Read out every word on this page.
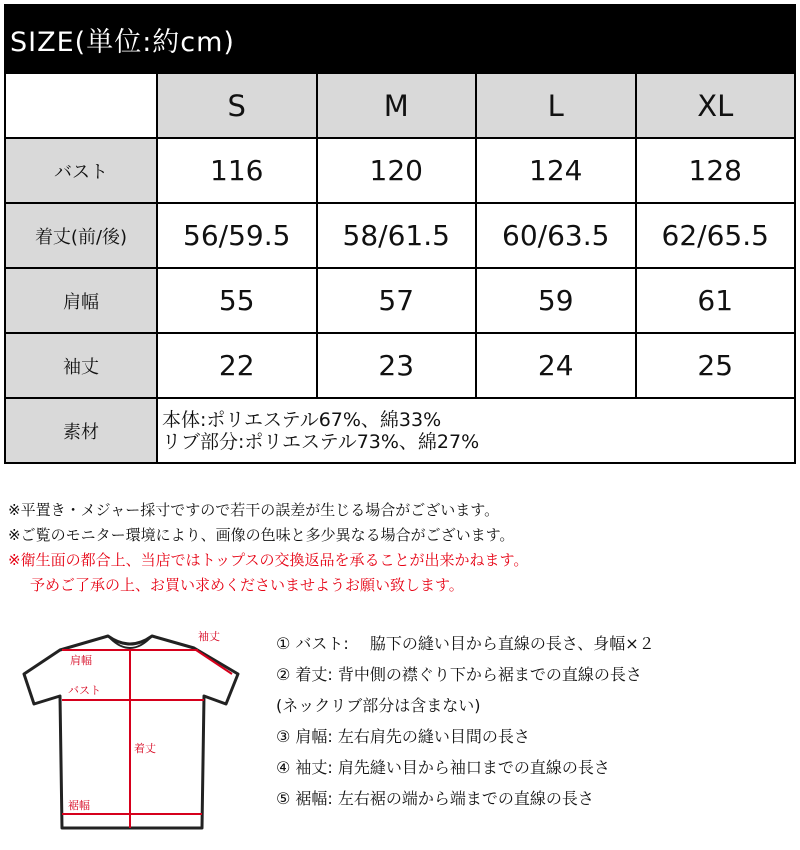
SIZE(単位:約cm)
	S	M	L	XL
バスト	116	120	124	128
着丈(前/後)	56/59.5	58/61.5	60/63.5	62/65.5
肩幅	55	57	59	61
袖丈	22	23	24	25
素材	本体:ポリエステル67%、綿33%
リブ部分:ポリエステル73%、綿27%			
※平置き・メジャー採寸ですので若干の誤差が生じる場合がございます。
※ご覧のモニター環境により、画像の色味と多少異なる場合がございます。
※衛生面の都合上、当店ではトップスの交換返品を承ることが出来かねます。
予めご了承の上、お買い求めくださいませようお願い致します。
肩幅
袖丈
バスト
着丈
裾幅
① バスト:　 脇下の縫い目から直線の長さ、身幅×２
② 着丈: 背中側の襟ぐり下から裾までの直線の長さ
(ネックリブ部分は含まない)
③ 肩幅: 左右肩先の縫い目間の長さ
④ 袖丈: 肩先縫い目から袖口までの直線の長さ
⑤ 裾幅: 左右裾の端から端までの直線の長さ
